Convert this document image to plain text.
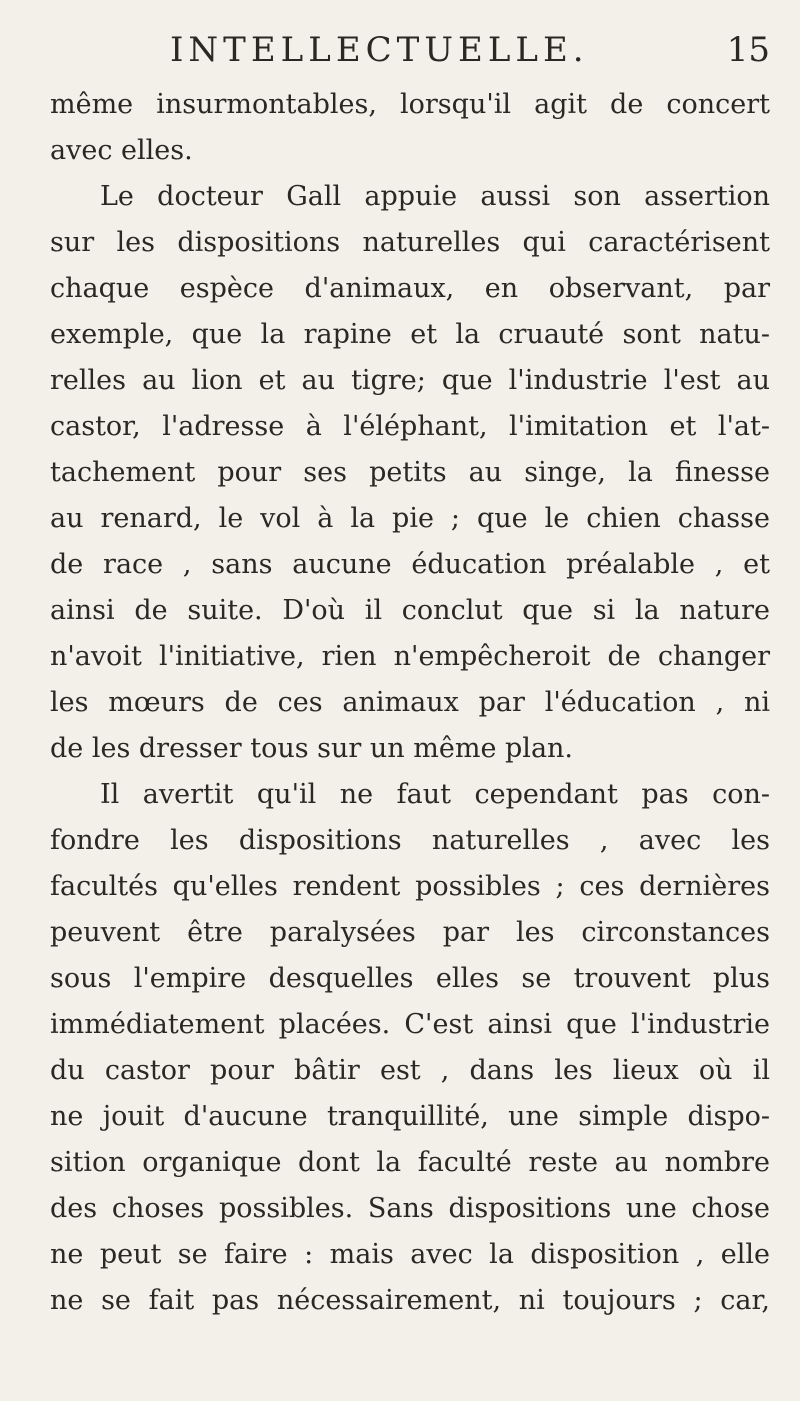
INTELLECTUELLE.	15
même insurmontables, lorsqu'il agit de concert
avec elles.
Le docteur Gall appuie aussi son assertion
sur les dispositions naturelles qui caractérisent
chaque espèce d'animaux, en observant, par
exemple, que la rapine et la cruauté sont natu-
relles au lion et au tigre; que l'industrie l'est au
castor, l'adresse à l'éléphant, l'imitation et l'at-
tachement pour ses petits au singe, la finesse
au renard, le vol à la pie ; que le chien chasse
de race , sans aucune éducation préalable , et
ainsi de suite. D'où il conclut que si la nature
n'avoit l'initiative, rien n'empêcheroit de changer
les mœurs de ces animaux par l'éducation , ni
de les dresser tous sur un même plan.
Il avertit qu'il ne faut cependant pas con-
fondre les dispositions naturelles , avec les
facultés qu'elles rendent possibles ; ces dernières
peuvent être paralysées par les circonstances
sous l'empire desquelles elles se trouvent plus
immédiatement placées. C'est ainsi que l'industrie
du castor pour bâtir est , dans les lieux où il
ne jouit d'aucune tranquillité, une simple dispo-
sition organique dont la faculté reste au nombre
des choses possibles. Sans dispositions une chose
ne peut se faire : mais avec la disposition , elle
ne se fait pas nécessairement, ni toujours ; car,
